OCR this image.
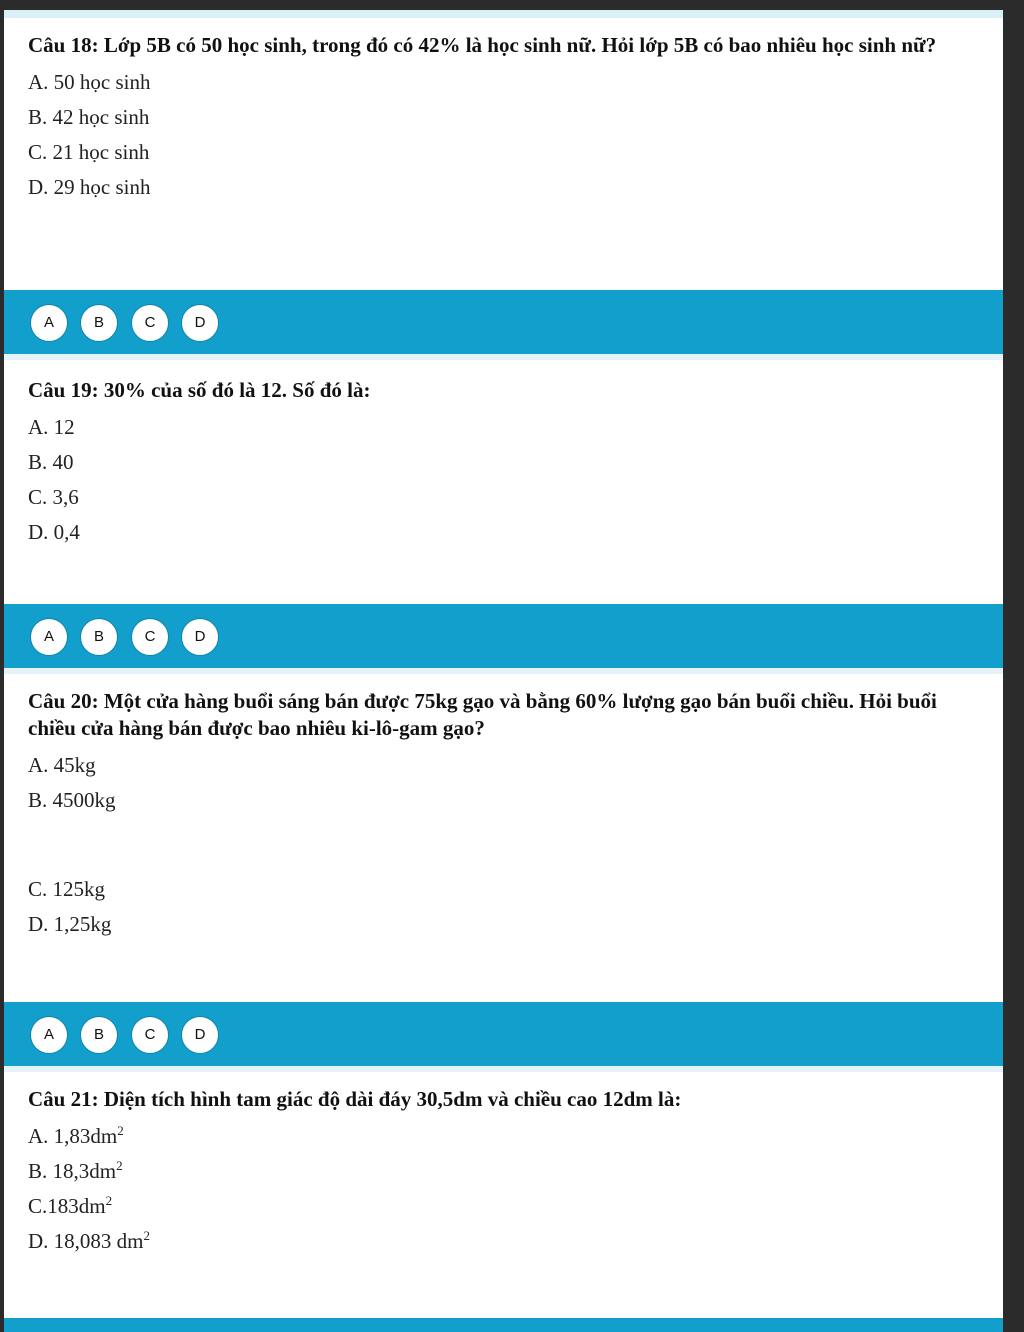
Câu 18: Lớp 5B có 50 học sinh, trong đó có 42% là học sinh nữ. Hỏi lớp 5B có bao nhiêu học sinh nữ?

A. 50 học sinh
B. 42 học sinh
C. 21 học sinh
D. 29 học sinh
A	B	C	D

Câu 19: 30% của số đó là 12. Số đó là:

A. 12
B. 40
C. 3,6
D. 0,4
A	B	C	D

Câu 20: Một cửa hàng buổi sáng bán được 75kg gạo và bằng 60% lượng gạo bán buổi chiều. Hỏi buổi chiều cửa hàng bán được bao nhiêu ki-lô-gam gạo?

A. 45kg
B. 4500kg
C. 125kg
D. 1,25kg
A	B	C	D

Câu 21: Diện tích hình tam giác độ dài đáy 30,5dm và chiều cao 12dm là:

A. $1,83dm^2$
B. $18,3dm^2$
$C.183dm^2$
D. 18,083 $dm^2$
